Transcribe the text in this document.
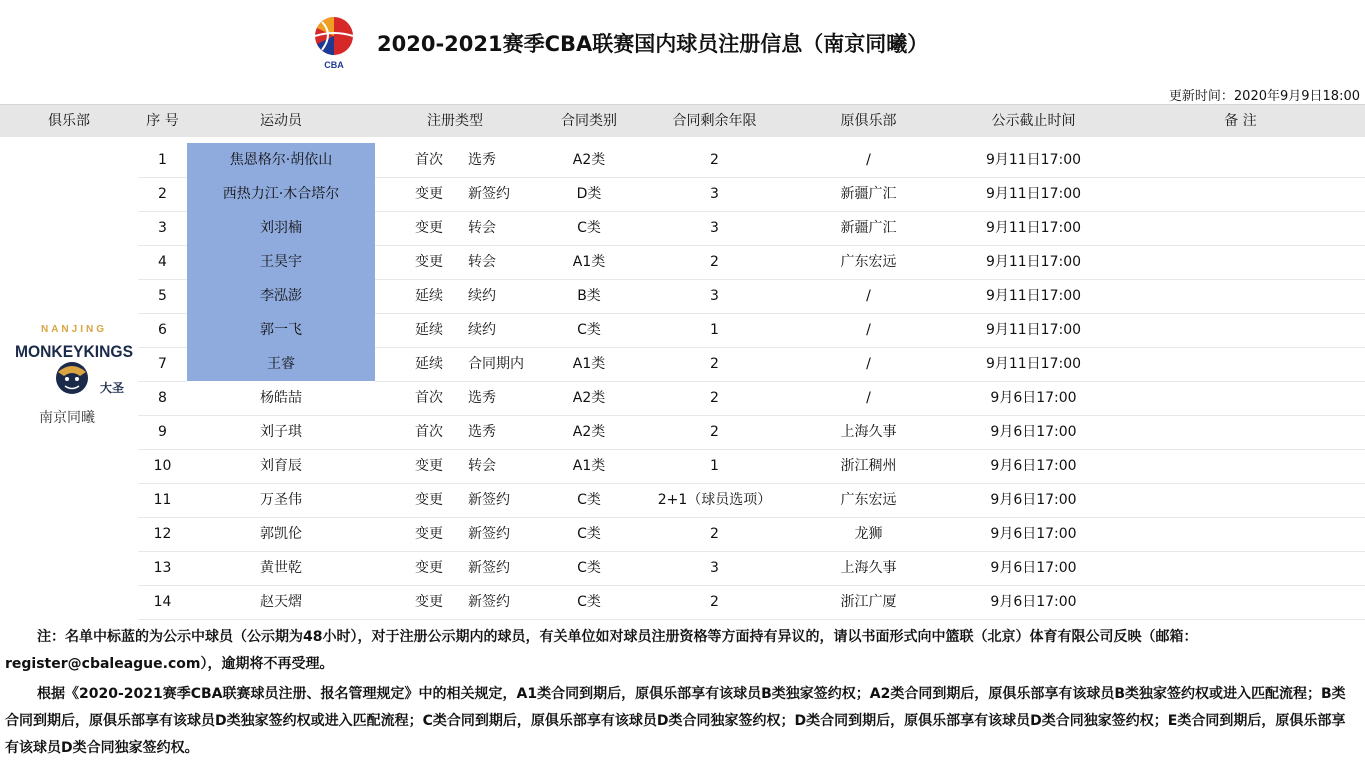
CBA
2020-2021赛季CBA联赛国内球员注册信息（南京同曦）
更新时间：2020年9月9日18:00
俱乐部	序 号	运动员	注册类型	合同类别	合同剩余年限	原俱乐部	公示截止时间	备 注
NANJING
MONKEYKINGS
大圣
南京同曦
1	焦恩格尔·胡依山	首次 选秀	A2类	2	/	9月11日17:00
2	西热力江·木合塔尔	变更 新签约	D类	3	新疆广汇	9月11日17:00
3	刘羽楠	变更 转会	C类	3	新疆广汇	9月11日17:00
4	王昊宇	变更 转会	A1类	2	广东宏远	9月11日17:00
5	李泓澎	延续 续约	B类	3	/	9月11日17:00
6	郭一飞	延续 续约	C类	1	/	9月11日17:00
7	王睿	延续 合同期内	A1类	2	/	9月11日17:00
8	杨皓喆	首次 选秀	A2类	2	/	9月6日17:00
9	刘子琪	首次 选秀	A2类	2	上海久事	9月6日17:00
10	刘育辰	变更 转会	A1类	1	浙江稠州	9月6日17:00
11	万圣伟	变更 新签约	C类	2+1（球员选项）	广东宏远	9月6日17:00
12	郭凯伦	变更 新签约	C类	2	龙狮	9月6日17:00
13	黄世乾	变更 新签约	C类	3	上海久事	9月6日17:00
14	赵天熠	变更 新签约	C类	2	浙江广厦	9月6日17:00

注：名单中标蓝的为公示中球员（公示期为48小时），对于注册公示期内的球员，有关单位如对球员注册资格等方面持有异议的，请以书面形式向中篮联（北京）体育有限公司反映（邮箱：register@cbaleague.com），逾期将不再受理。

根据《2020-2021赛季CBA联赛球员注册、报名管理规定》中的相关规定，A1类合同到期后，原俱乐部享有该球员B类独家签约权；A2类合同到期后，原俱乐部享有该球员B类独家签约权或进入匹配流程；B类合同到期后，原俱乐部享有该球员D类独家签约权或进入匹配流程；C类合同到期后，原俱乐部享有该球员D类合同独家签约权；D类合同到期后，原俱乐部享有该球员D类合同独家签约权；E类合同到期后，原俱乐部享有该球员D类合同独家签约权。
